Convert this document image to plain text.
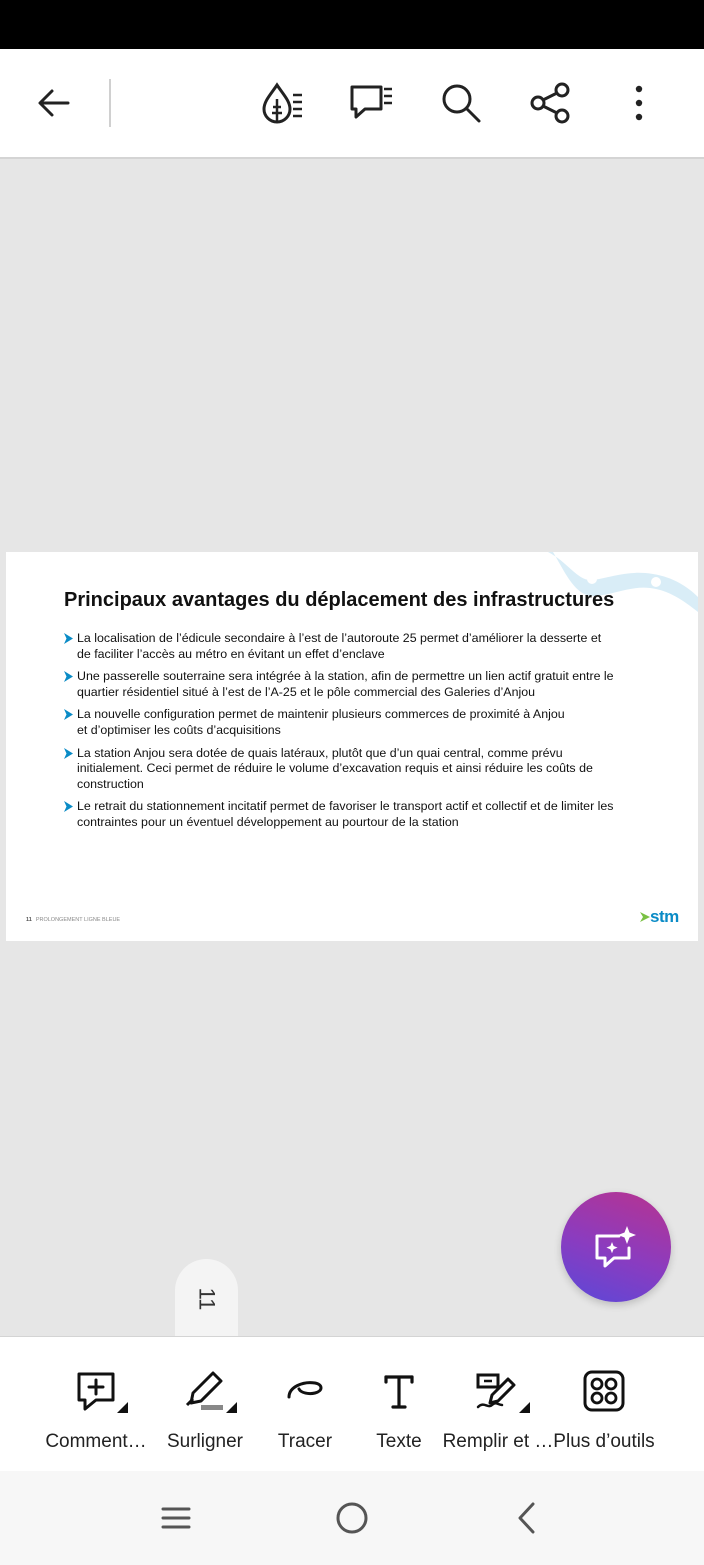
Principaux avantages du déplacement des infrastructures
La localisation de l’édicule secondaire à l’est de l’autoroute 25 permet d’améliorer la desserte et
de faciliter l’accès au métro en évitant un effet d’enclave
Une passerelle souterraine sera intégrée à la station, afin de permettre un lien actif gratuit entre le
quartier résidentiel situé à l’est de l’A-25 et le pôle commercial des Galeries d’Anjou
La nouvelle configuration permet de maintenir plusieurs commerces de proximité à Anjou
et d’optimiser les coûts d’acquisitions
La station Anjou sera dotée de quais latéraux, plutôt que d’un quai central, comme prévu
initialement. Ceci permet de réduire le volume d’excavation requis et ainsi réduire les coûts de
construction
Le retrait du stationnement incitatif permet de favoriser le transport actif et collectif et de limiter les
contraintes pour un éventuel développement au pourtour de la station
11 PROLONGEMENT LIGNE BLEUE	stm
11
Comment… Surligner Tracer Texte Remplir et … Plus d’outils
